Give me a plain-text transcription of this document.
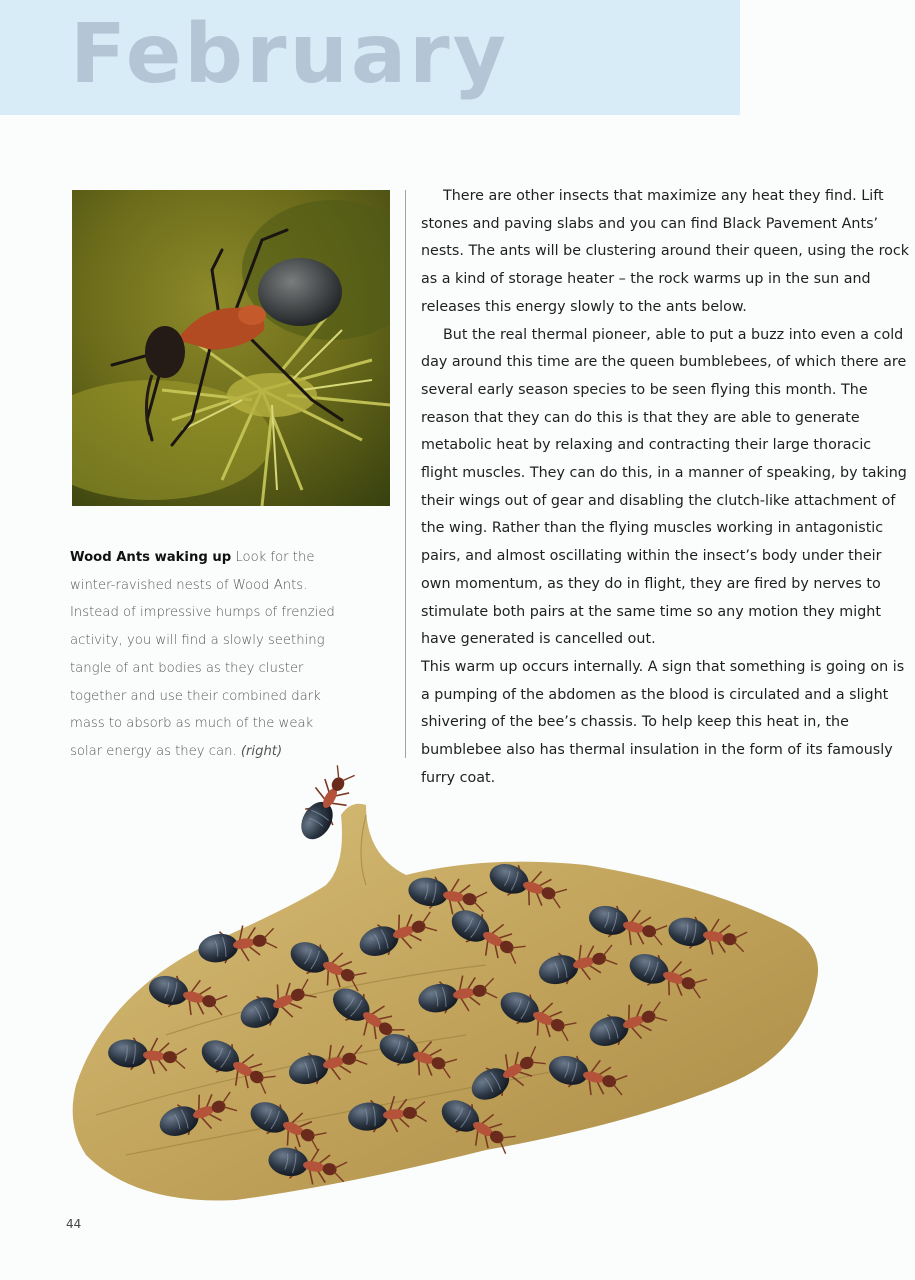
February
Wood Ants waking up Look for the winter-ravished nests of Wood Ants. Instead of impressive humps of frenzied activity, you will find a slowly seething tangle of ant bodies as they cluster together and use their combined dark mass to absorb as much of the weak solar energy as they can. (right)

There are other insects that maximize any heat they find. Lift stones and paving slabs and you can find Black Pavement Ants’ nests. The ants will be clustering around their queen, using the rock as a kind of storage heater – the rock warms up in the sun and releases this energy slowly to the ants below.

But the real thermal pioneer, able to put a buzz into even a cold day around this time are the queen bumblebees, of which there are several early season species to be seen flying this month. The reason that they can do this is that they are able to generate metabolic heat by relaxing and contracting their large thoracic flight muscles. They can do this, in a manner of speaking, by taking their wings out of gear and disabling the clutch-like attachment of the wing. Rather than the flying muscles working in antagonistic pairs, and almost oscillating within the insect’s body under their own momentum, as they do in flight, they are fired by nerves to stimulate both pairs at the same time so any motion they might have generated is cancelled out.

This warm up occurs internally. A sign that something is going on is a pumping of the abdomen as the blood is circulated and a slight shivering of the bee’s chassis. To help keep this heat in, the bumblebee also has thermal insulation in the form of its famously furry coat.

44
